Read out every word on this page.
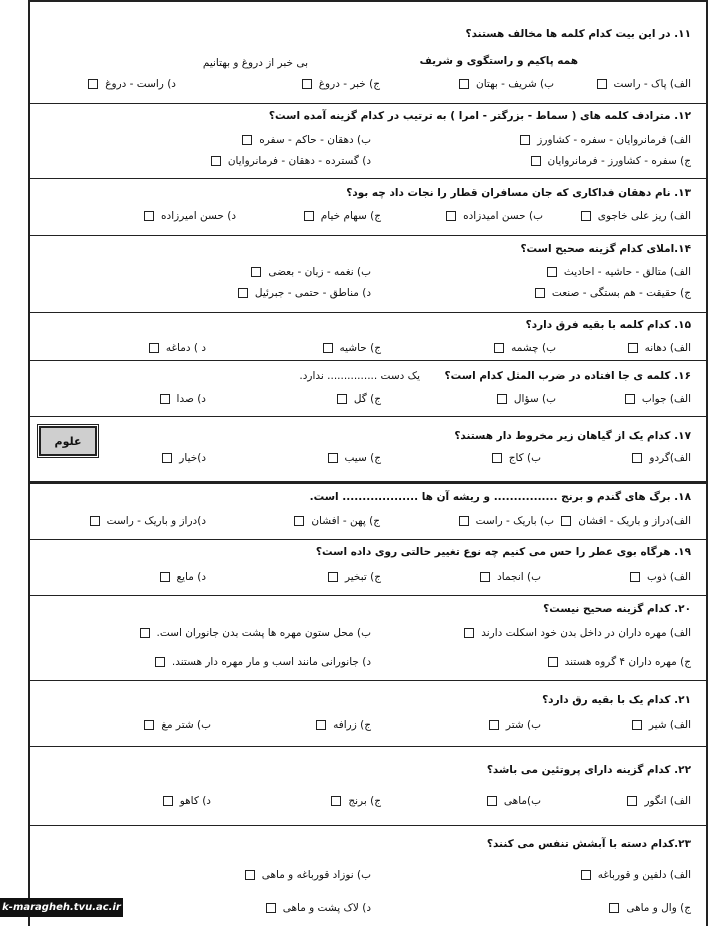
۱۱. در این بیت کدام کلمه ها مخالف هستند؟
همه پاکیم و راستگوی و شریف
بی خبر از دروغ و بهتانیم
الف) پاک - راست
ب) شریف - بهتان
ج) خبر - دروغ
د) راست - دروغ
۱۲. مترادف کلمه های ( سماط - بزرگتر - امرا ) به ترتیب در کدام گزینه آمده است؟
الف) فرمانروایان - سفره - کشاورز
ب) دهقان - حاکم - سفره
ج) سفره - کشاورز - فرمانروایان
د) گسترده - دهقان - فرمانروایان
۱۳. نام دهقان فداکاری که جان مسافران قطار را نجات داد چه بود؟
الف) ریز علی خاجوی
ب) حسن امیدزاده
ج) سهام خیام
د) حسن امیرزاده
۱۴.املای کدام گزینه صحیح است؟
الف) متالق - حاشیه - احادیث
ب) نغمه - زبان - بعضی
ج) حقیقت - هم بستگی - صنعت
د) مناطق - حتمی - جبرئیل
۱۵. کدام کلمه با بقیه فرق دارد؟
الف) دهانه
ب) چشمه
ج) حاشیه
د ) دماغه
۱۶. کلمه ی جا افتاده در ضرب المثل کدام است؟
یک دست ............... ندارد.
الف) جواب
ب) سؤال
ج) گل
د) صدا
۱۷. کدام یک از گیاهان زیر مخروط دار هستند؟
الف)گردو
ب) کاج
ج) سیب
د)خیار
۱۸. برگ های گندم و برنج ................ و ریشه آن ها ................... است.
الف)دراز و باریک - افشان
ب) باریک - راست
ج) پهن - افشان
د)دراز و باریک - راست
۱۹. هرگاه بوی عطر را حس می کنیم چه نوع تغییر حالتی روی داده است؟
الف) ذوب
ب) انجماد
ج) تبخیر
د) مایع
۲۰. کدام گزینه صحیح نیست؟
الف) مهره داران در داخل بدن خود اسکلت دارند
ب) محل ستون مهره ها پشت بدن جانوران است.
ج) مهره داران ۴ گروه هستند
د) جانورانی مانند اسب و مار مهره دار هستند.
۲۱. کدام یک با بقیه رق دارد؟
الف) شیر
ب) شتر
ج) زرافه
ب) شتر مغ
۲۲. کدام گزینه دارای پروتئین می باشد؟
الف) انگور
ب)ماهی
ج) برنج
د) کاهو
۲۳.کدام دسته با آبشش تنفس می کنند؟
الف) دلفین و قورباغه
ب) نوزاد قورباغه و ماهی
ج) وال و ماهی
د) لاک پشت و ماهی
علوم
k-maragheh.tvu.ac.ir
